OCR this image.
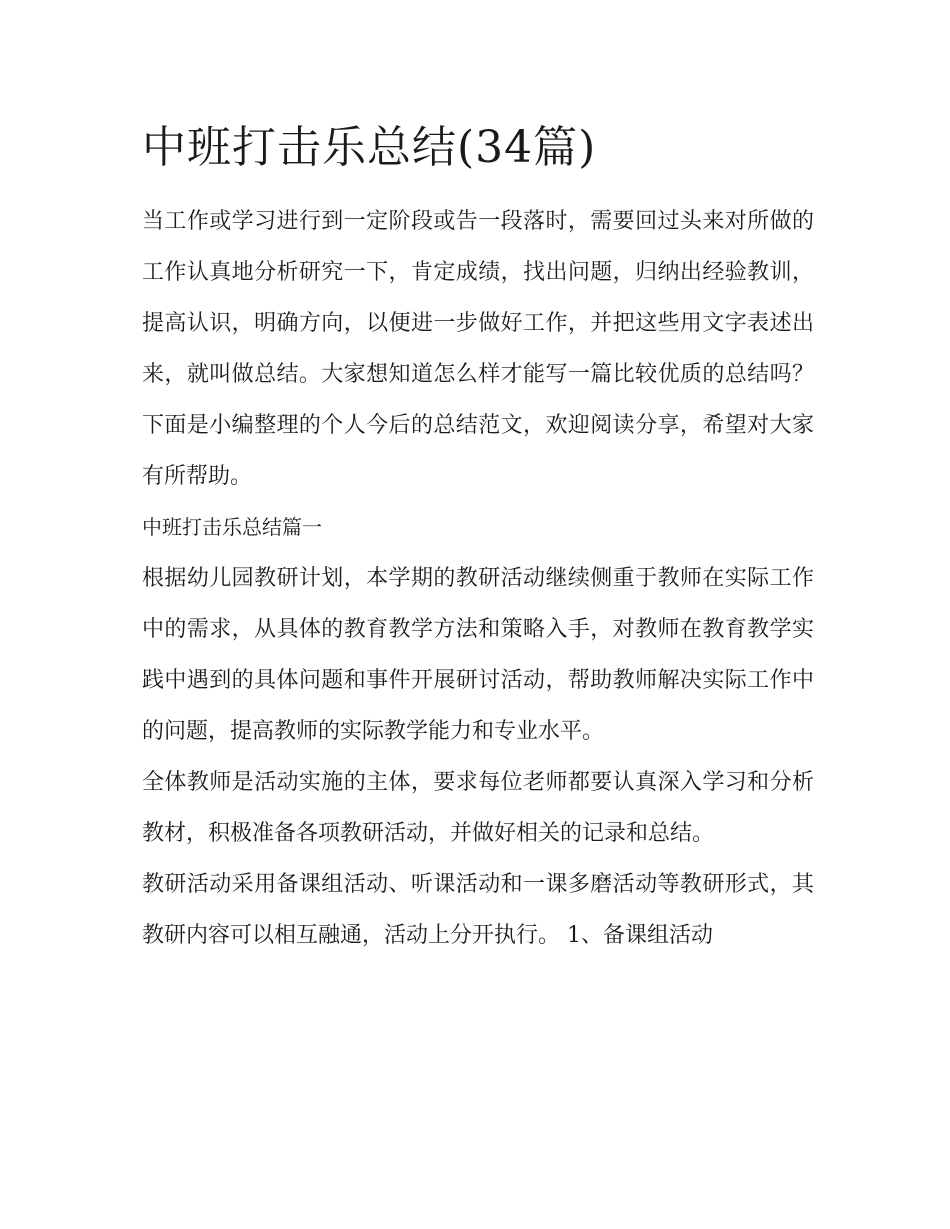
中班打击乐总结(34篇)

当工作或学习进行到一定阶段或告一段落时，需要回过头来对所做的工作认真地分析研究一下，肯定成绩，找出问题，归纳出经验教训，提高认识，明确方向，以便进一步做好工作，并把这些用文字表述出来，就叫做总结。大家想知道怎么样才能写一篇比较优质的总结吗？下面是小编整理的个人今后的总结范文，欢迎阅读分享，希望对大家有所帮助。

中班打击乐总结篇一

根据幼儿园教研计划，本学期的教研活动继续侧重于教师在实际工作中的需求，从具体的教育教学方法和策略入手，对教师在教育教学实践中遇到的具体问题和事件开展研讨活动，帮助教师解决实际工作中的问题，提高教师的实际教学能力和专业水平。

全体教师是活动实施的主体，要求每位老师都要认真深入学习和分析教材，积极准备各项教研活动，并做好相关的记录和总结。

教研活动采用备课组活动、听课活动和一课多磨活动等教研形式，其教研内容可以相互融通，活动上分开执行。 1、备课组活动
